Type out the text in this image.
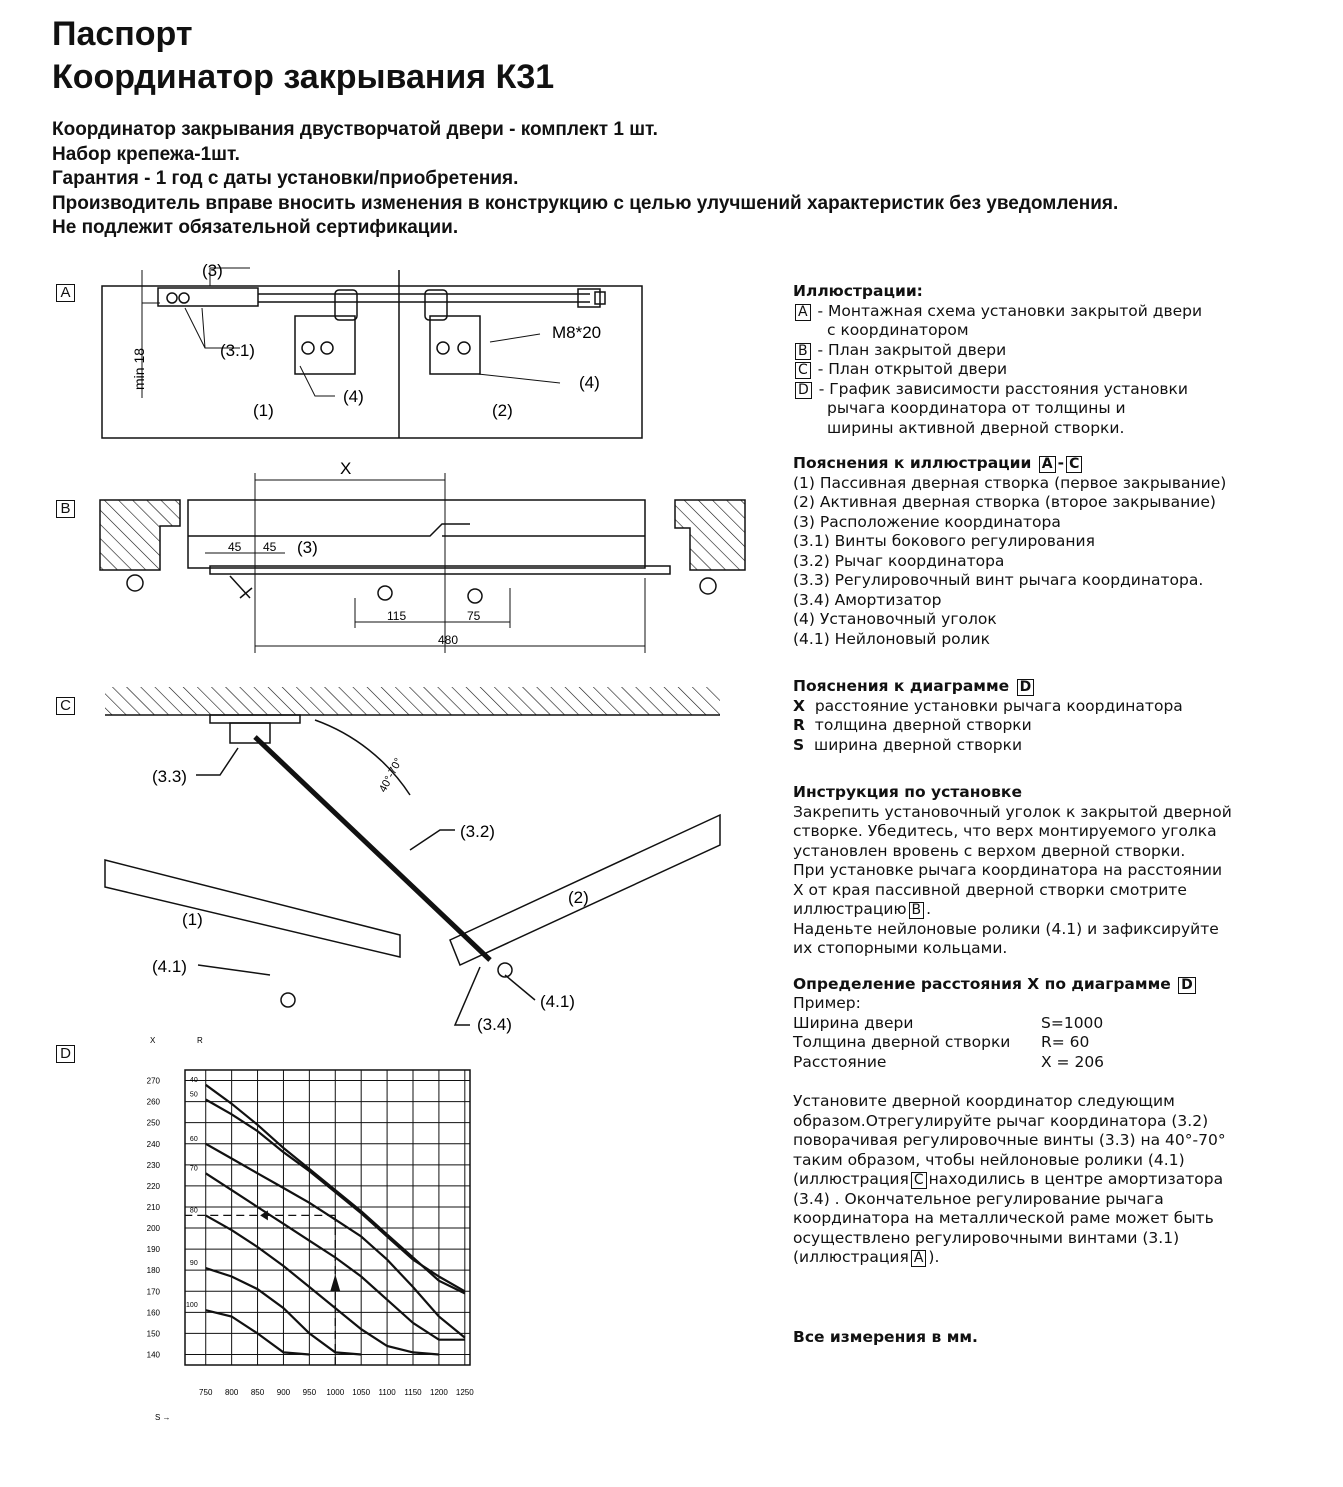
Паспорт
Координатор закрывания К31
Координатор закрывания двустворчатой двери - комплект 1 шт.
Набор крепежа-1шт.
Гарантия - 1 год с даты установки/приобретения.
Производитель вправе вносить изменения в конструкцию с целью улучшений характеристик без уведомления.
Не подлежит обязательной сертификации.
A
B
C
D
(3)
(3.1)
min 18
(4)
(4)
(1)	(2)
M8*20
X
45 45 (3)
115	75
480
(3.3)
(3.2)
(1)
(2)
(4.1)
(4.1)
(3.4)
40°-70°
750 800 850 900 950 1000 1050 1100 1150 1200 1250
140
150
160
170
180
190
200
210
220
230
240
250
260
270	40
50
60
70
80
90
100
S →
X	R
Иллюстрации:
A - Монтажная схема установки закрытой двери
с координатором
B - План закрытой двери
C - План открытой двери
D - График зависимости расстояния установки
рычага координатора от толщины и
ширины активной дверной створки.
Пояснения к иллюстрации A - C
(1) Пассивная дверная створка (первое закрывание)
(2) Активная дверная створка (второе закрывание)
(3) Расположение координатора
(3.1) Винты бокового регулирования
(3.2) Рычаг координатора
(3.3) Регулировочный винт рычага координатора.
(3.4) Амортизатор
(4) Установочный уголок
(4.1) Нейлоновый ролик
Пояснения к диаграмме D
X расстояние установки рычага координатора
R толщина дверной створки
S ширина дверной створки
Инструкция по установке
Закрепить установочный уголок к закрытой дверной
створке. Убедитесь, что верх монтируемого уголка
установлен вровень с верхом дверной створки.
При установке рычага координатора на расстоянии
X от края пассивной дверной створки смотрите
иллюстрацию B .
Наденьте нейлоновые ролики (4.1) и зафиксируйте
их стопорными кольцами.
Определение расстояния X по диаграмме D
Пример:
Ширина двери	S=1000
Толщина дверной створки	R= 60
Расстояние	X = 206
Установите дверной координатор следующим
образом.Отрегулируйте рычаг координатора (3.2)
поворачивая регулировочные винты (3.3) на 40°-70°
таким образом, чтобы нейлоновые ролики (4.1)
(иллюстрация C находились в центре амортизатора
(3.4) . Окончательное регулирование рычага
координатора на металлической раме может быть
осуществлено регулировочными винтами (3.1)
(иллюстрация A ).
Все измерения в мм.
